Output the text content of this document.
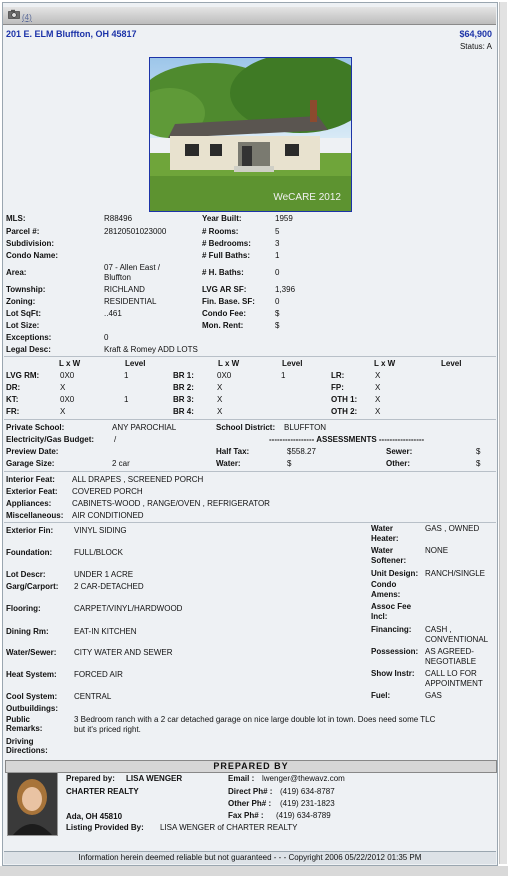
(4)
201 E. ELM Bluffton, OH 45817	$64,900
Status: A
WeCARE 2012
MLS:	R88496
Parcel #:	28120501023000
Subdivision:
Condo Name:
Area:
07 - Allen East /
Bluffton
Township:	RICHLAND
Zoning:	RESIDENTIAL
Lot SqFt:	..461
Lot Size:
Exceptions:	0
Legal Desc:	Kraft & Romey ADD LOTS
Year Built:	1959
# Rooms:	5
# Bedrooms:	3
# Full Baths:	1
# H. Baths:	0
LVG AR SF:	1,396
Fin. Base. SF:	0
Condo Fee:	$
Mon. Rent:	$
L x W	Level	L x W	Level	L x W	Level
LVG RM:	0X0	1
DR:	X
KT:	0X0	1
FR:	X
BR 1:	0X0	1
BR 2:	X
BR 3:	X
BR 4:	X
LR:	X
FP:	X
OTH 1: X
OTH 2: X
Private School:	ANY PAROCHIAL	School District: BLUFFTON
Electricity/Gas Budget: /	----------------- ASSESSMENTS -----------------
Preview Date:	Half Tax:	$558.27	Sewer:	$
Garage Size:	2 car	Water:	$	Other:	$
Interior Feat: ALL DRAPES , SCREENED PORCH
Exterior Feat: COVERED PORCH
Appliances:	CABINETS-WOOD , RANGE/OVEN , REFRIGERATOR
Miscellaneous: AIR CONDITIONED
Exterior Fin:	VINYL SIDING
Foundation:	FULL/BLOCK
Lot Descr:	UNDER 1 ACRE
Garg/Carport: 2 CAR-DETACHED
Flooring:	CARPET/VINYL/HARDWOOD
Dining Rm:	EAT-IN KITCHEN
Water/Sewer: CITY WATER AND SEWER
Heat System: FORCED AIR
Cool System: CENTRAL
Outbuildings:
Public Remarks:
3 Bedroom ranch with a 2 car detached garage on nice large double lot in town. Does need some TLC
but it's priced right.
Driving Directions:
Water Heater:
GAS , OWNED
Water Softener:
NONE
Unit Design: RANCH/SINGLE
Condo Amens:
Assoc Fee Incl:
Financing: CASH ,
CONVENTIONAL
Possession: AS AGREED-
NEGOTIABLE
Show Instr: CALL LO FOR
APPOINTMENT
Fuel:	GAS
PREPARED BY
Prepared by: LISA WENGER
CHARTER REALTY
Ada, OH 45810
Listing Provided By: LISA WENGER of CHARTER REALTY
Email : lwenger@thewavz.com
Direct Ph# : (419) 634-8787
Other Ph# : (419) 231-1823
Fax Ph# : (419) 634-8789
Information herein deemed reliable but not guaranteed - - - Copyright 2006 05/22/2012 01:35 PM
